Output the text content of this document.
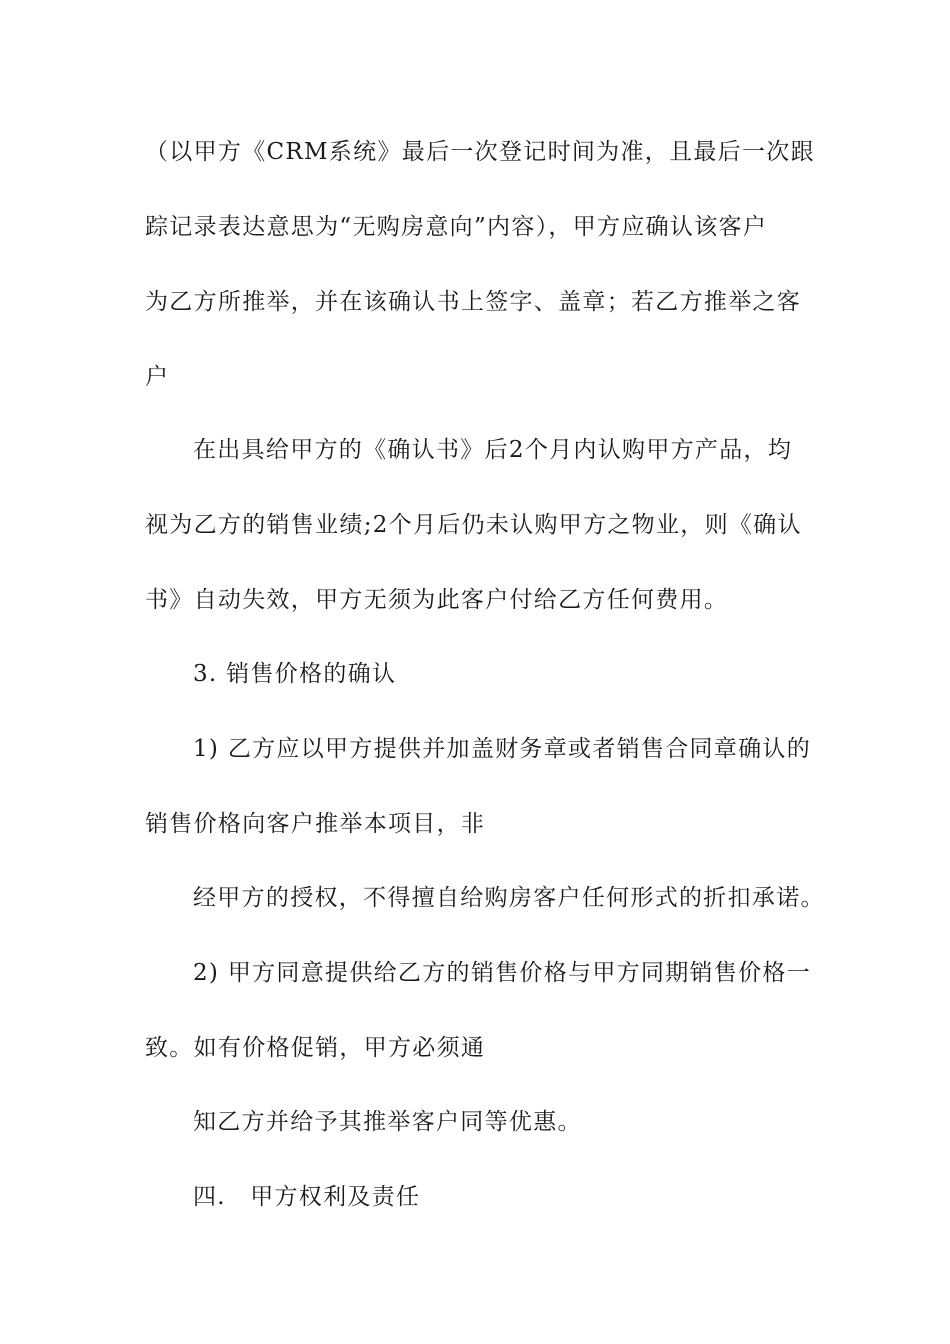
（以甲方《CRM系统》最后一次登记时间为准，且最后一次跟
踪记录表达意思为“无购房意向”内容），甲方应确认该客户
为乙方所推举，并在该确认书上签字、盖章；若乙方推举之客
户
在出具给甲方的《确认书》后2个月内认购甲方产品，均
视为乙方的销售业绩;2个月后仍未认购甲方之物业，则《确认
书》自动失效，甲方无须为此客户付给乙方任何费用。
3. 销售价格的确认
1) 乙方应以甲方提供并加盖财务章或者销售合同章确认的
销售价格向客户推举本项目，非
经甲方的授权，不得擅自给购房客户任何形式的折扣承诺。
2) 甲方同意提供给乙方的销售价格与甲方同期销售价格一
致。如有价格促销，甲方必须通
知乙方并给予其推举客户同等优惠。
四.　甲方权利及责任
